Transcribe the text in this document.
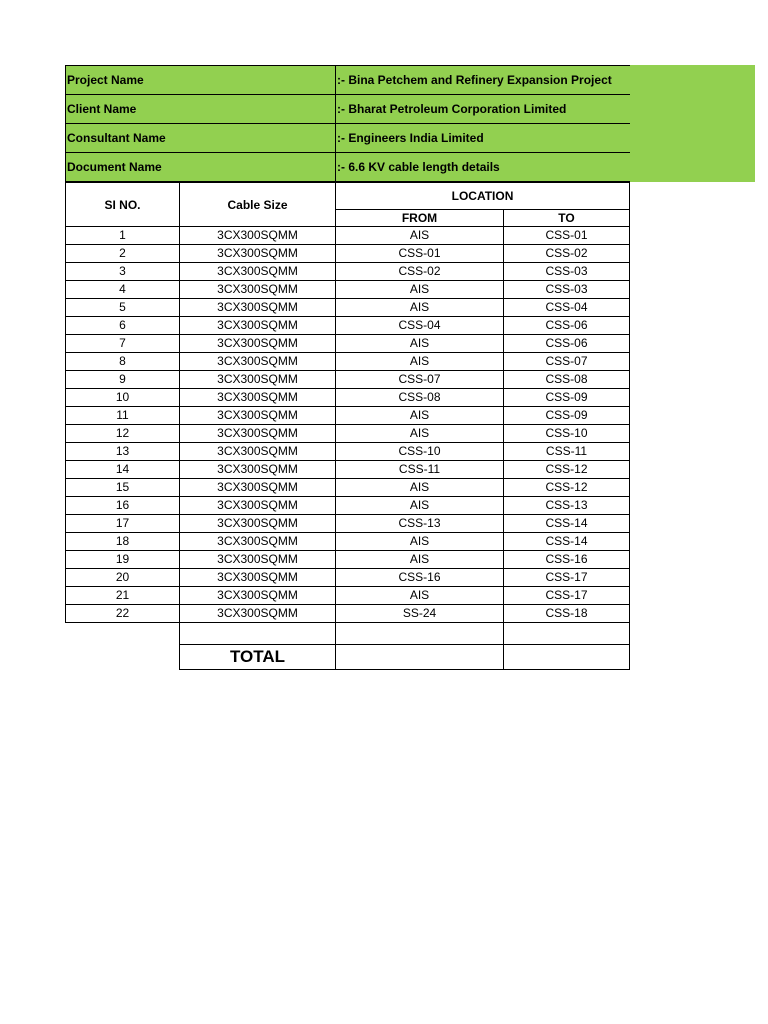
Project Name	:- Bina Petchem and Refinery Expansion Project
Client Name	:- Bharat Petroleum Corporation Limited
Consultant Name	:- Engineers India Limited
Document Name	:- 6.6 KV cable length details
SI NO.	Cable Size	LOCATION	
		FROM	TO
1	3CX300SQMM	AIS	CSS-01
2	3CX300SQMM	CSS-01	CSS-02
3	3CX300SQMM	CSS-02	CSS-03
4	3CX300SQMM	AIS	CSS-03
5	3CX300SQMM	AIS	CSS-04
6	3CX300SQMM	CSS-04	CSS-06
7	3CX300SQMM	AIS	CSS-06
8	3CX300SQMM	AIS	CSS-07
9	3CX300SQMM	CSS-07	CSS-08
10	3CX300SQMM	CSS-08	CSS-09
11	3CX300SQMM	AIS	CSS-09
12	3CX300SQMM	AIS	CSS-10
13	3CX300SQMM	CSS-10	CSS-11
14	3CX300SQMM	CSS-11	CSS-12
15	3CX300SQMM	AIS	CSS-12
16	3CX300SQMM	AIS	CSS-13
17	3CX300SQMM	CSS-13	CSS-14
18	3CX300SQMM	AIS	CSS-14
19	3CX300SQMM	AIS	CSS-16
20	3CX300SQMM	CSS-16	CSS-17
21	3CX300SQMM	AIS	CSS-17
22	3CX300SQMM	SS-24	CSS-18

	TOTAL		
